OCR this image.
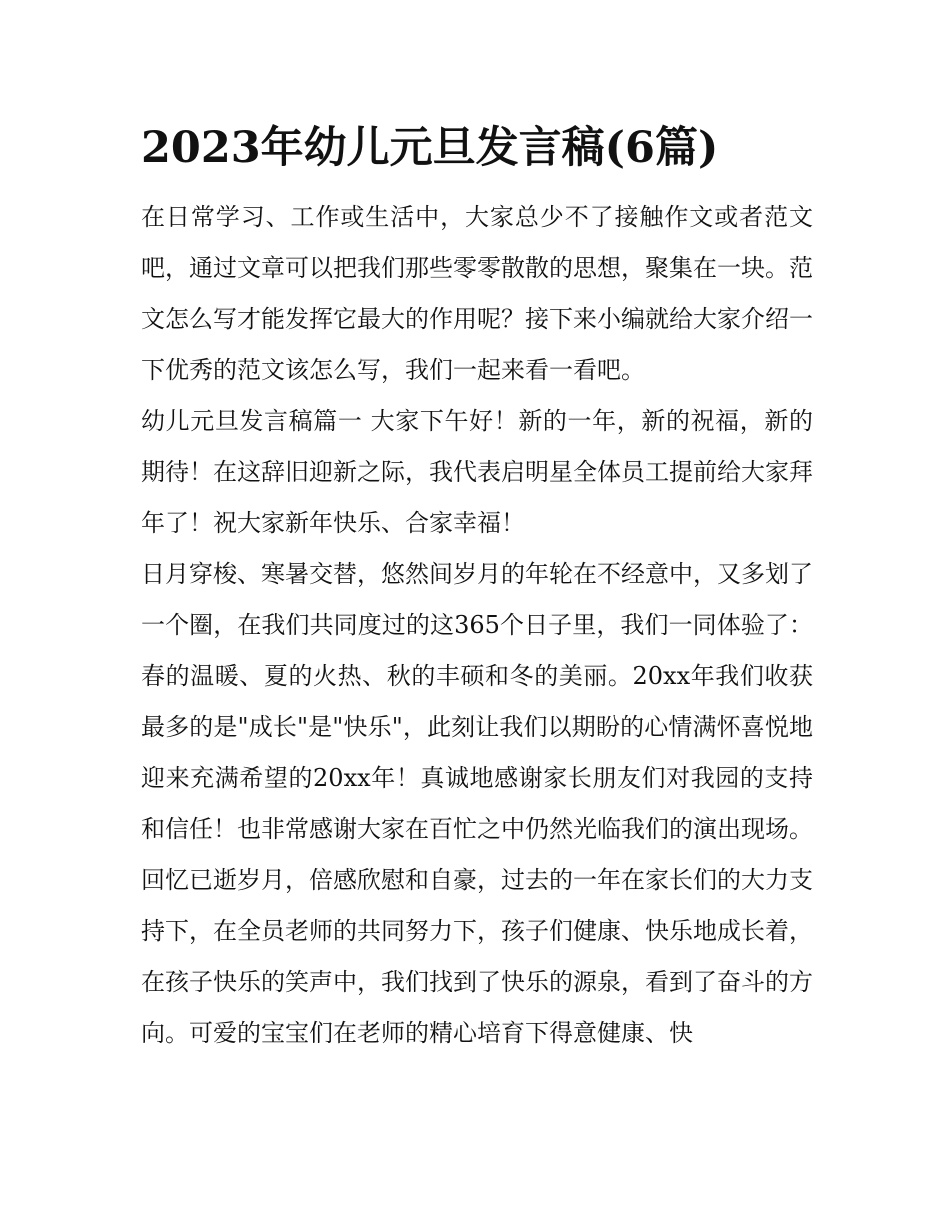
2023年幼儿元旦发言稿(6篇)

在日常学习、工作或生活中，大家总少不了接触作文或者范文吧，通过文章可以把我们那些零零散散的思想，聚集在一块。范文怎么写才能发挥它最大的作用呢？接下来小编就给大家介绍一下优秀的范文该怎么写，我们一起来看一看吧。

幼儿元旦发言稿篇一 大家下午好！新的一年，新的祝福，新的期待！在这辞旧迎新之际，我代表启明星全体员工提前给大家拜年了！祝大家新年快乐、合家幸福！

日月穿梭、寒暑交替，悠然间岁月的年轮在不经意中，又多划了一个圈，在我们共同度过的这365个日子里，我们一同体验了：春的温暖、夏的火热、秋的丰硕和冬的美丽。20xx年我们收获最多的是"成长"是"快乐"，此刻让我们以期盼的心情满怀喜悦地迎来充满希望的20xx年！真诚地感谢家长朋友们对我园的支持和信任！也非常感谢大家在百忙之中仍然光临我们的演出现场。

回忆已逝岁月，倍感欣慰和自豪，过去的一年在家长们的大力支持下，在全员老师的共同努力下，孩子们健康、快乐地成长着，在孩子快乐的笑声中，我们找到了快乐的源泉，看到了奋斗的方向。可爱的宝宝们在老师的精心培育下得意健康、快
